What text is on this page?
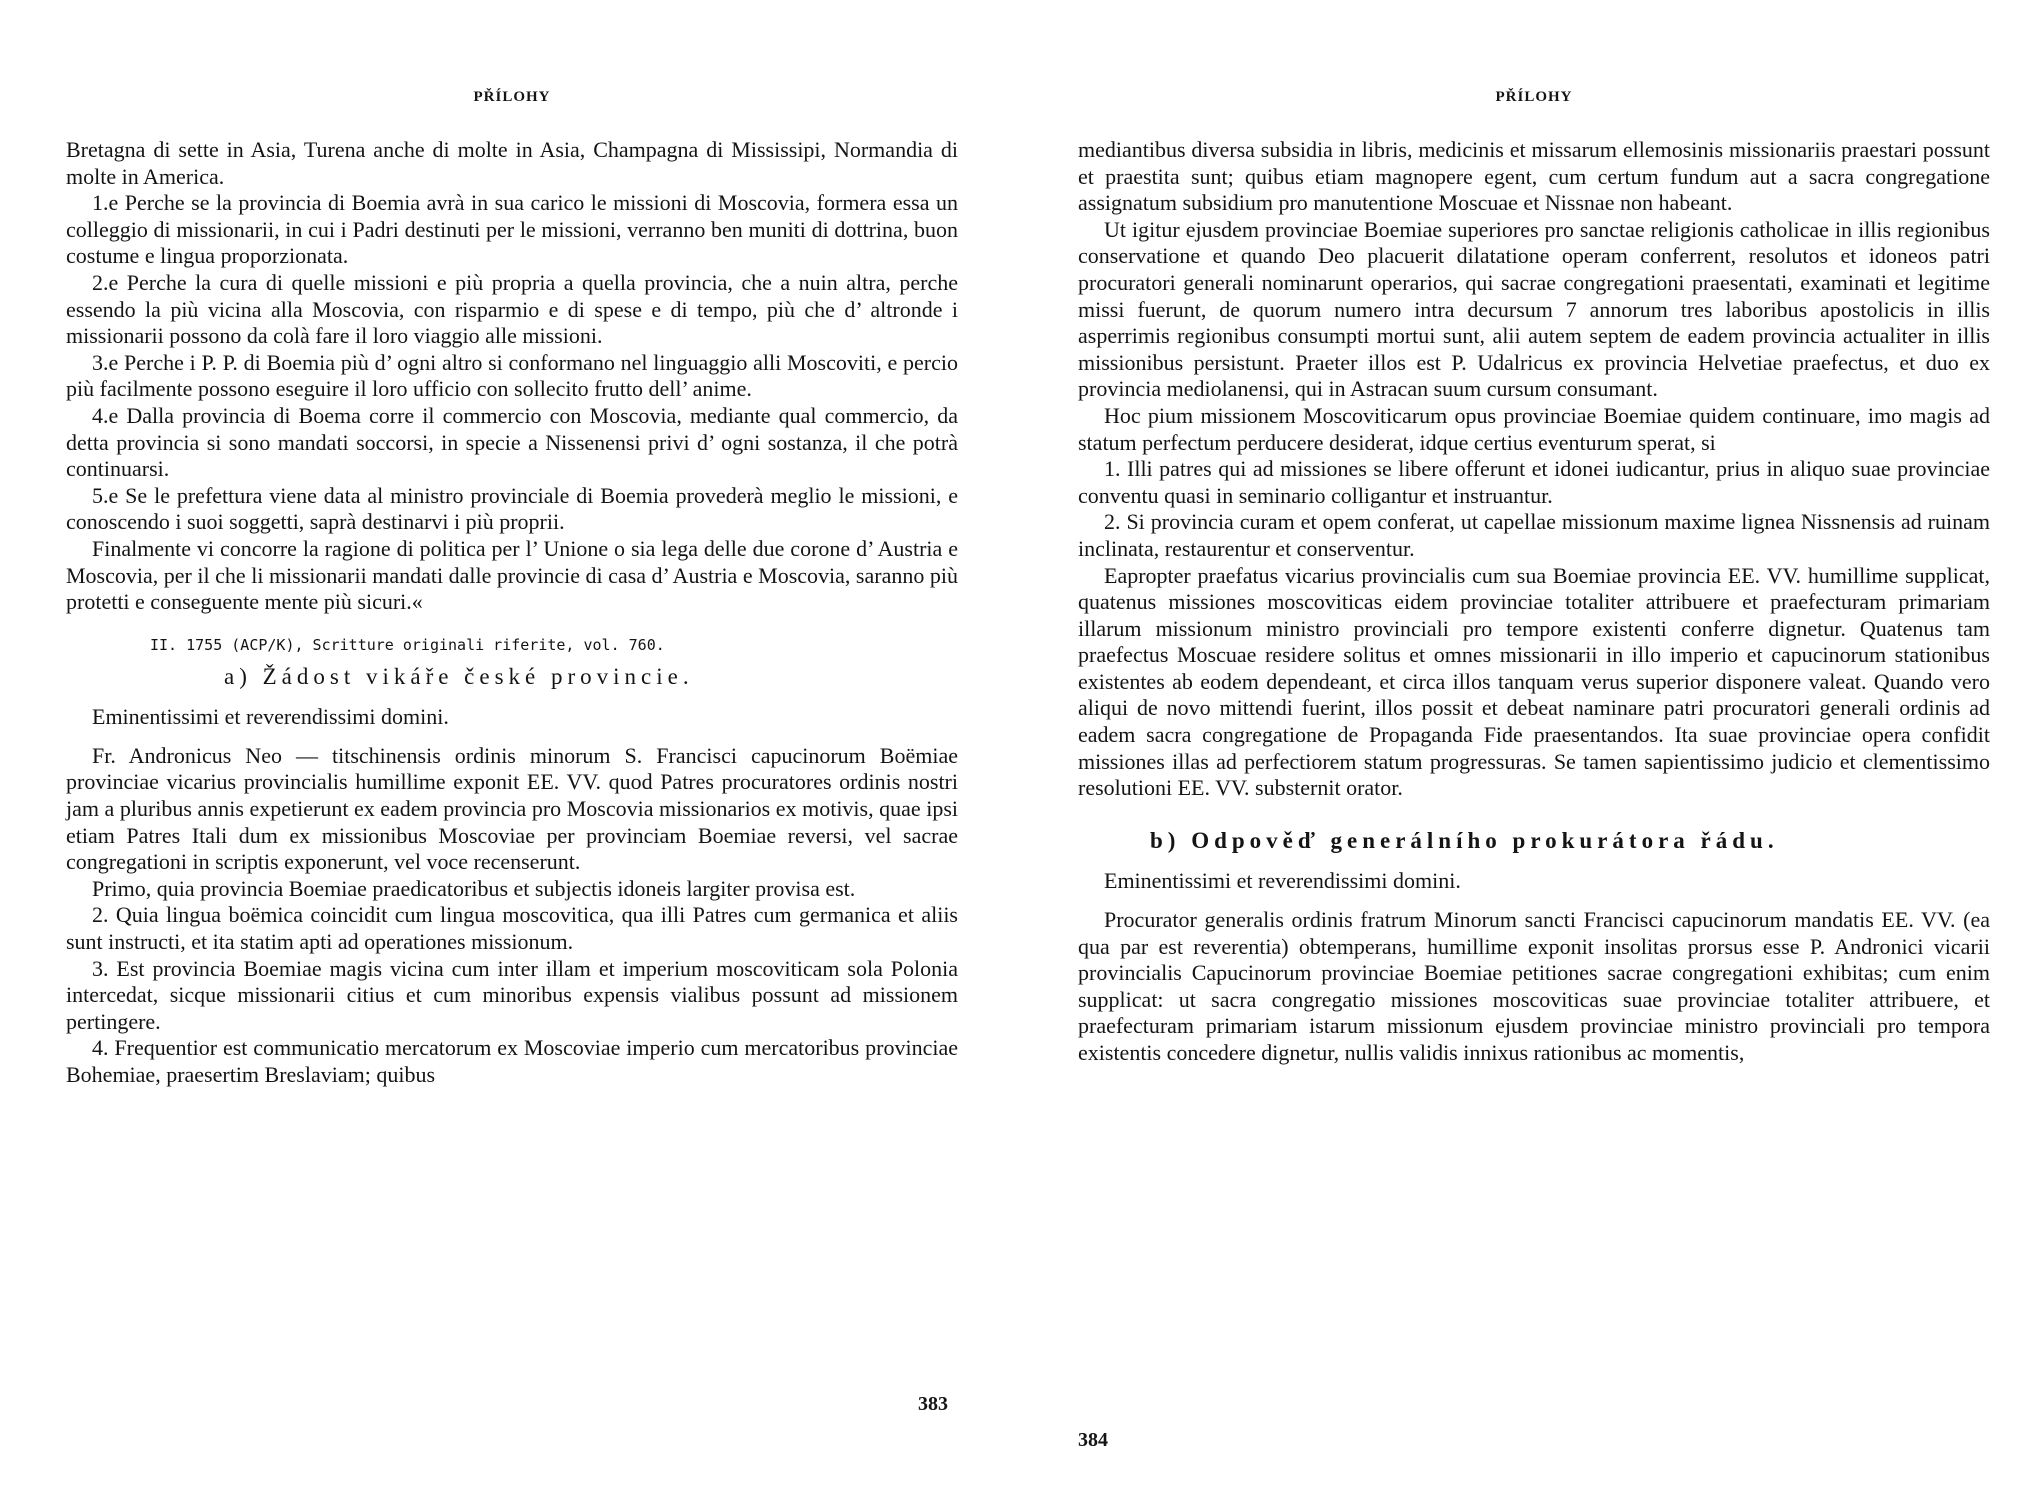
PŘÍLOHY

Bretagna di sette in Asia, Turena anche di molte in Asia, Champagna di Mississipi, Normandia di molte in America.

1.e Perche se la provincia di Boemia avrà in sua carico le missioni di Moscovia, formera essa un colleggio di missionarii, in cui i Padri destinuti per le missioni, verranno ben muniti di dottrina, buon costume e lingua proporzionata.

2.e Perche la cura di quelle missioni e più propria a quella provincia, che a nuin altra, perche essendo la più vicina alla Moscovia, con risparmio e di spese e di tempo, più che d’ altronde i missionarii possono da colà fare il loro viaggio alle missioni.

3.e Perche i P. P. di Boemia più d’ ogni altro si conformano nel linguaggio alli Moscoviti, e percio più facilmente possono eseguire il loro ufficio con sollecito frutto dell’ anime.

4.e Dalla provincia di Boema corre il commercio con Moscovia, mediante qual commercio, da detta provincia si sono mandati soccorsi, in specie a Nissenensi privi d’ ogni sostanza, il che potrà continuarsi.

5.e Se le prefettura viene data al ministro provinciale di Boemia provederà meglio le missioni, e conoscendo i suoi soggetti, saprà destinarvi i più proprii.

Finalmente vi concorre la ragione di politica per l’ Unione o sia lega delle due corone d’ Austria e Moscovia, per il che li missionarii mandati dalle provincie di casa d’ Austria e Moscovia, saranno più protetti e conseguente mente più sicuri.«

II. 1755 (ACP/K), Scritture originali riferite, vol. 760.

a) Žádost vikáře české provincie.

Eminentissimi et reverendissimi domini.

Fr. Andronicus Neo — titschinensis ordinis minorum S. Francisci capucinorum Boëmiae provinciae vicarius provincialis humillime exponit EE. VV. quod Patres procuratores ordinis nostri jam a pluribus annis expetierunt ex eadem provincia pro Moscovia missionarios ex motivis, quae ipsi etiam Patres Itali dum ex missionibus Moscoviae per provinciam Boemiae reversi, vel sacrae congregationi in scriptis exponerunt, vel voce recenserunt.

Primo, quia provincia Boemiae praedicatoribus et subjectis idoneis largiter provisa est.

2. Quia lingua boëmica coincidit cum lingua moscovitica, qua illi Patres cum germanica et aliis sunt instructi, et ita statim apti ad operationes missionum.

3. Est provincia Boemiae magis vicina cum inter illam et imperium moscoviticam sola Polonia intercedat, sicque missionarii citius et cum minoribus expensis vialibus possunt ad missionem pertingere.

4. Frequentior est communicatio mercatorum ex Moscoviae imperio cum mercatoribus provinciae Bohemiae, praesertim Breslaviam; quibus

383
PŘÍLOHY

mediantibus diversa subsidia in libris, medicinis et missarum ellemosinis missionariis praestari possunt et praestita sunt; quibus etiam magnopere egent, cum certum fundum aut a sacra congregatione assignatum subsidium pro manutentione Moscuae et Nissnae non habeant.

Ut igitur ejusdem provinciae Boemiae superiores pro sanctae religionis catholicae in illis regionibus conservatione et quando Deo placuerit dilatatione operam conferrent, resolutos et idoneos patri procuratori generali nominarunt operarios, qui sacrae congregationi praesentati, examinati et legitime missi fuerunt, de quorum numero intra decursum 7 annorum tres laboribus apostolicis in illis asperrimis regionibus consumpti mortui sunt, alii autem septem de eadem provincia actualiter in illis missionibus persistunt. Praeter illos est P. Udalricus ex provincia Helvetiae praefectus, et duo ex provincia mediolanensi, qui in Astracan suum cursum consumant.

Hoc pium missionem Moscoviticarum opus provinciae Boemiae quidem continuare, imo magis ad statum perfectum perducere desiderat, idque certius eventurum sperat, si

1. Illi patres qui ad missiones se libere offerunt et idonei iudicantur, prius in aliquo suae provinciae conventu quasi in seminario colligantur et instruantur.

2. Si provincia curam et opem conferat, ut capellae missionum maxime lignea Nissnensis ad ruinam inclinata, restaurentur et conserventur.

Eapropter praefatus vicarius provincialis cum sua Boemiae provincia EE. VV. humillime supplicat, quatenus missiones moscoviticas eidem provinciae totaliter attribuere et praefecturam primariam illarum missionum ministro provinciali pro tempore existenti conferre dignetur. Quatenus tam praefectus Moscuae residere solitus et omnes missionarii in illo imperio et capucinorum stationibus existentes ab eodem dependeant, et circa illos tanquam verus superior disponere valeat. Quando vero aliqui de novo mittendi fuerint, illos possit et debeat naminare patri procuratori generali ordinis ad eadem sacra congregatione de Propaganda Fide praesentandos. Ita suae provinciae opera confidit missiones illas ad perfectiorem statum progressuras. Se tamen sapientissimo judicio et clementissimo resolutioni EE. VV. substernit orator.

b) Odpověď generálního prokurátora řádu.

Eminentissimi et reverendissimi domini.

Procurator generalis ordinis fratrum Minorum sancti Francisci capucinorum mandatis EE. VV. (ea qua par est reverentia) obtemperans, humillime exponit insolitas prorsus esse P. Andronici vicarii provincialis Capucinorum provinciae Boemiae petitiones sacrae congregationi exhibitas; cum enim supplicat: ut sacra congregatio missiones moscoviticas suae provinciae totaliter attribuere, et praefecturam primariam istarum missionum ejusdem provinciae ministro provinciali pro tempora existentis concedere dignetur, nullis validis innixus rationibus ac momentis,

384
